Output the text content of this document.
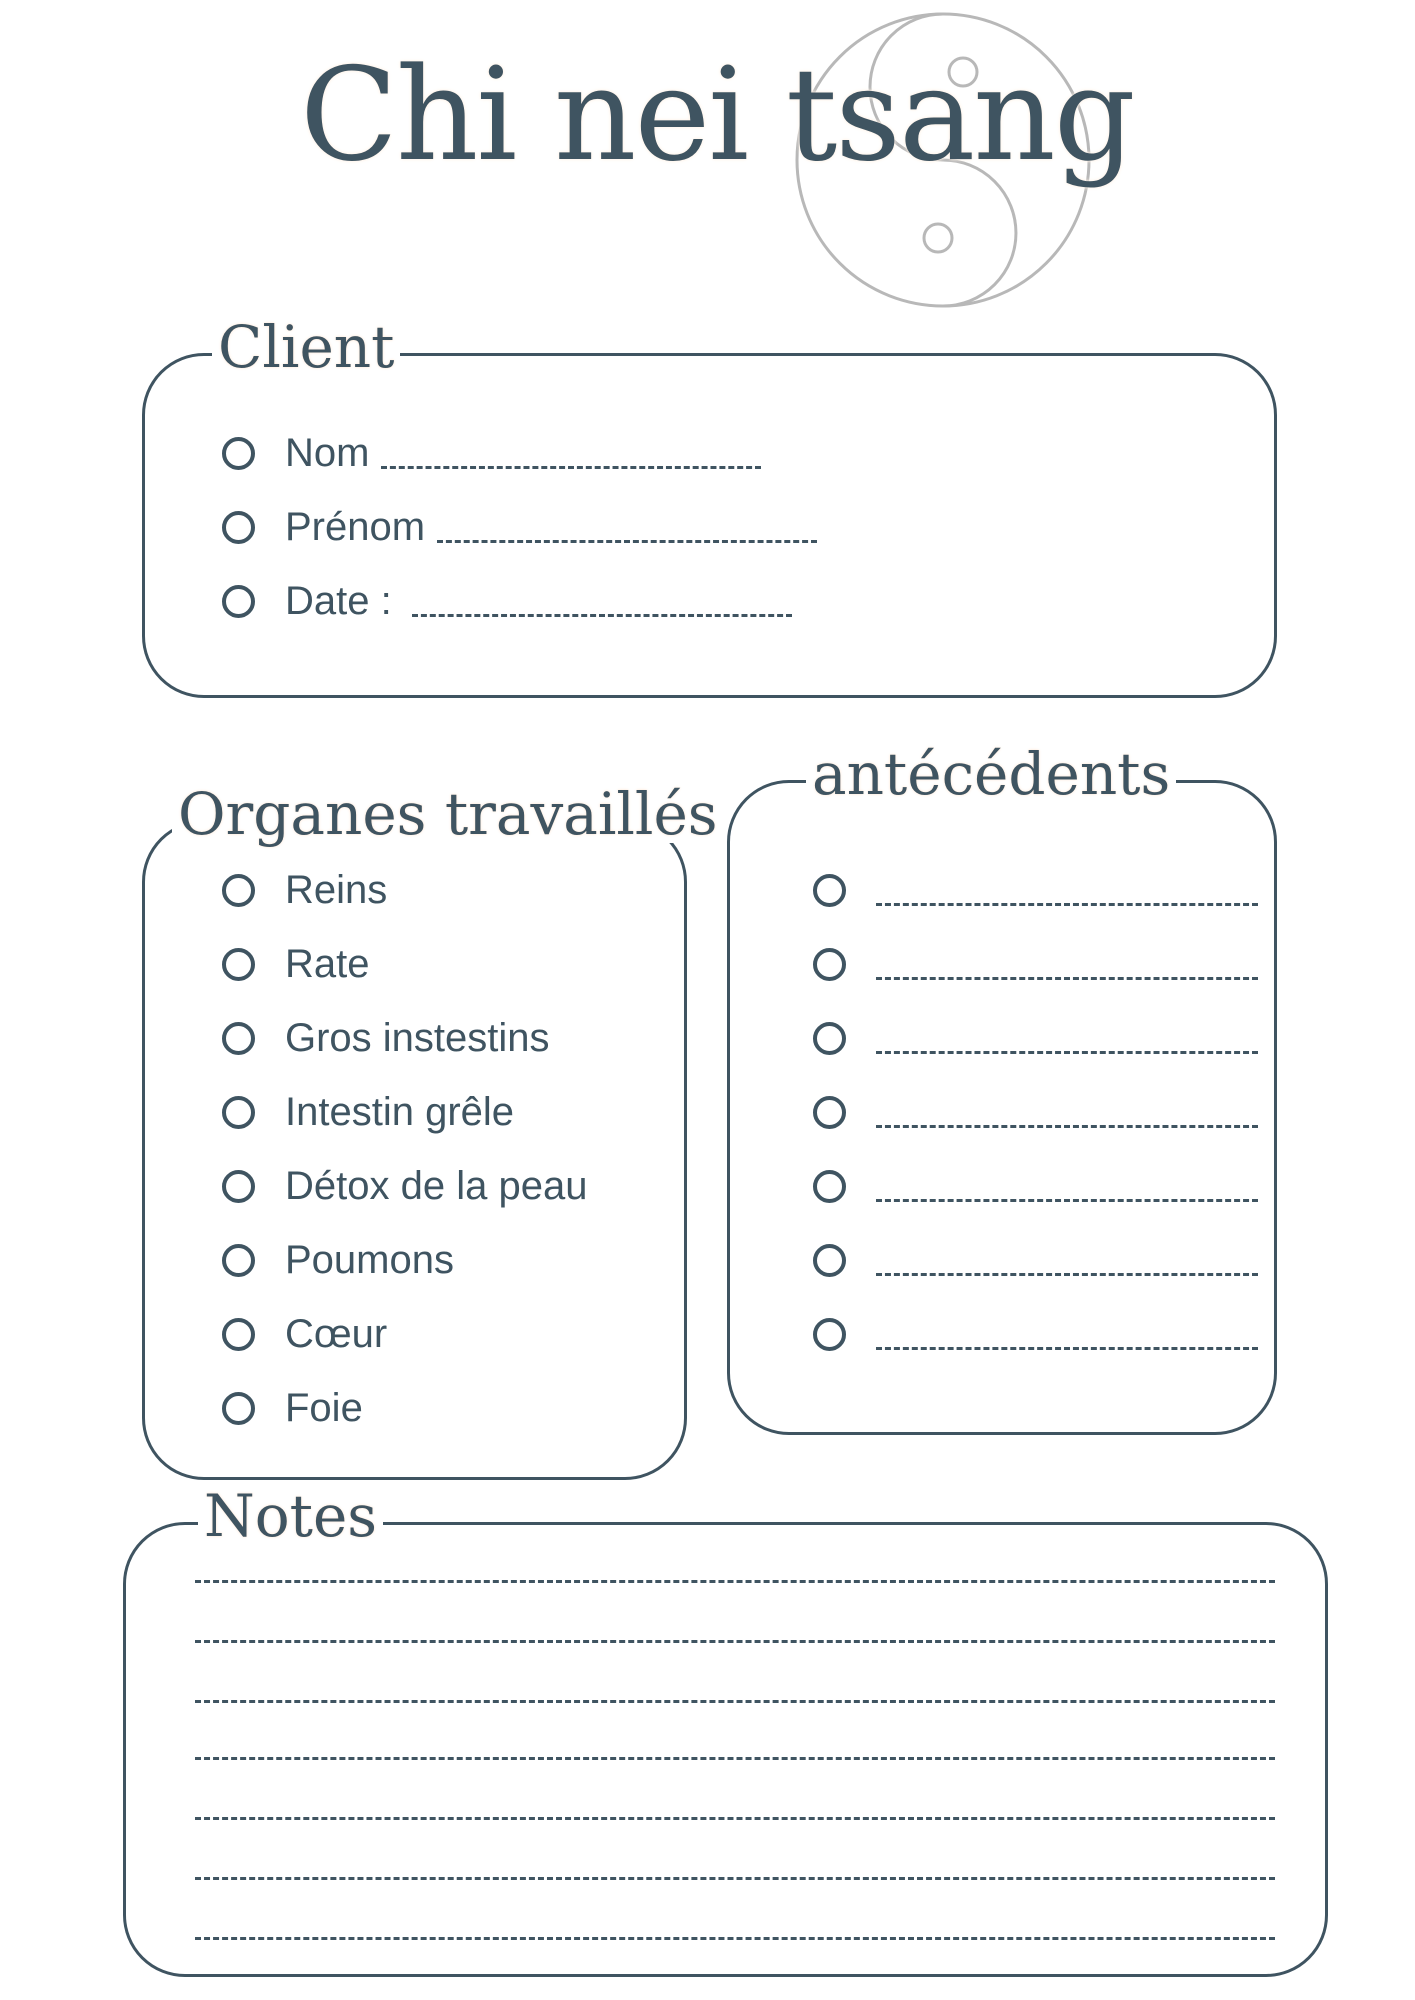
Chi nei tsang
Client
Nom
Prénom
Date :
Organes travaillés
Reins
Rate
Gros instestins
Intestin grêle
Détox de la peau
Poumons
Cœur
Foie
antécédents
Notes
